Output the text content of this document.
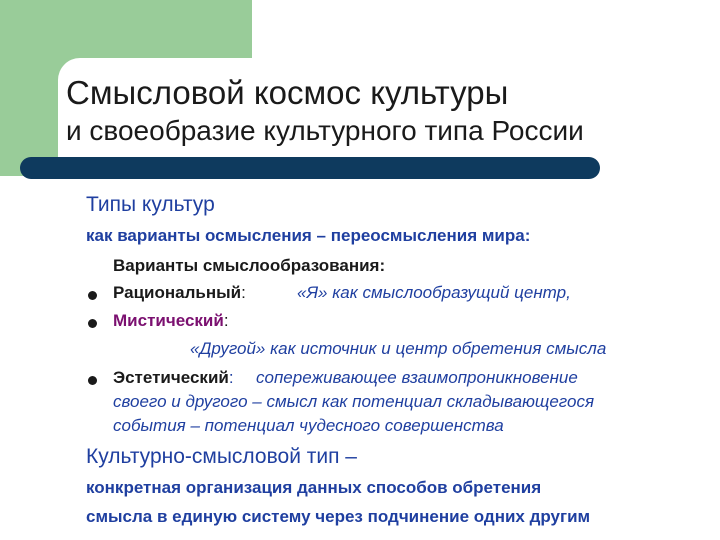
Смысловой космос культуры
и своеобразие культурного типа России

Типы культур

как варианты осмысления – переосмысления мира:

Варианты смыслообразования:

Рациональный:	«Я» как смыслообразущий центр,

Мистический:

«Другой» как источник и центр обретения смысла

Эстетический: сопереживающее взаимопроникновение

своего и другого – смысл как потенциал складывающегося

события – потенциал чудесного совершенства

Культурно-смысловой тип –

конкретная организация данных способов обретения

смысла в единую систему через подчинение одних другим
